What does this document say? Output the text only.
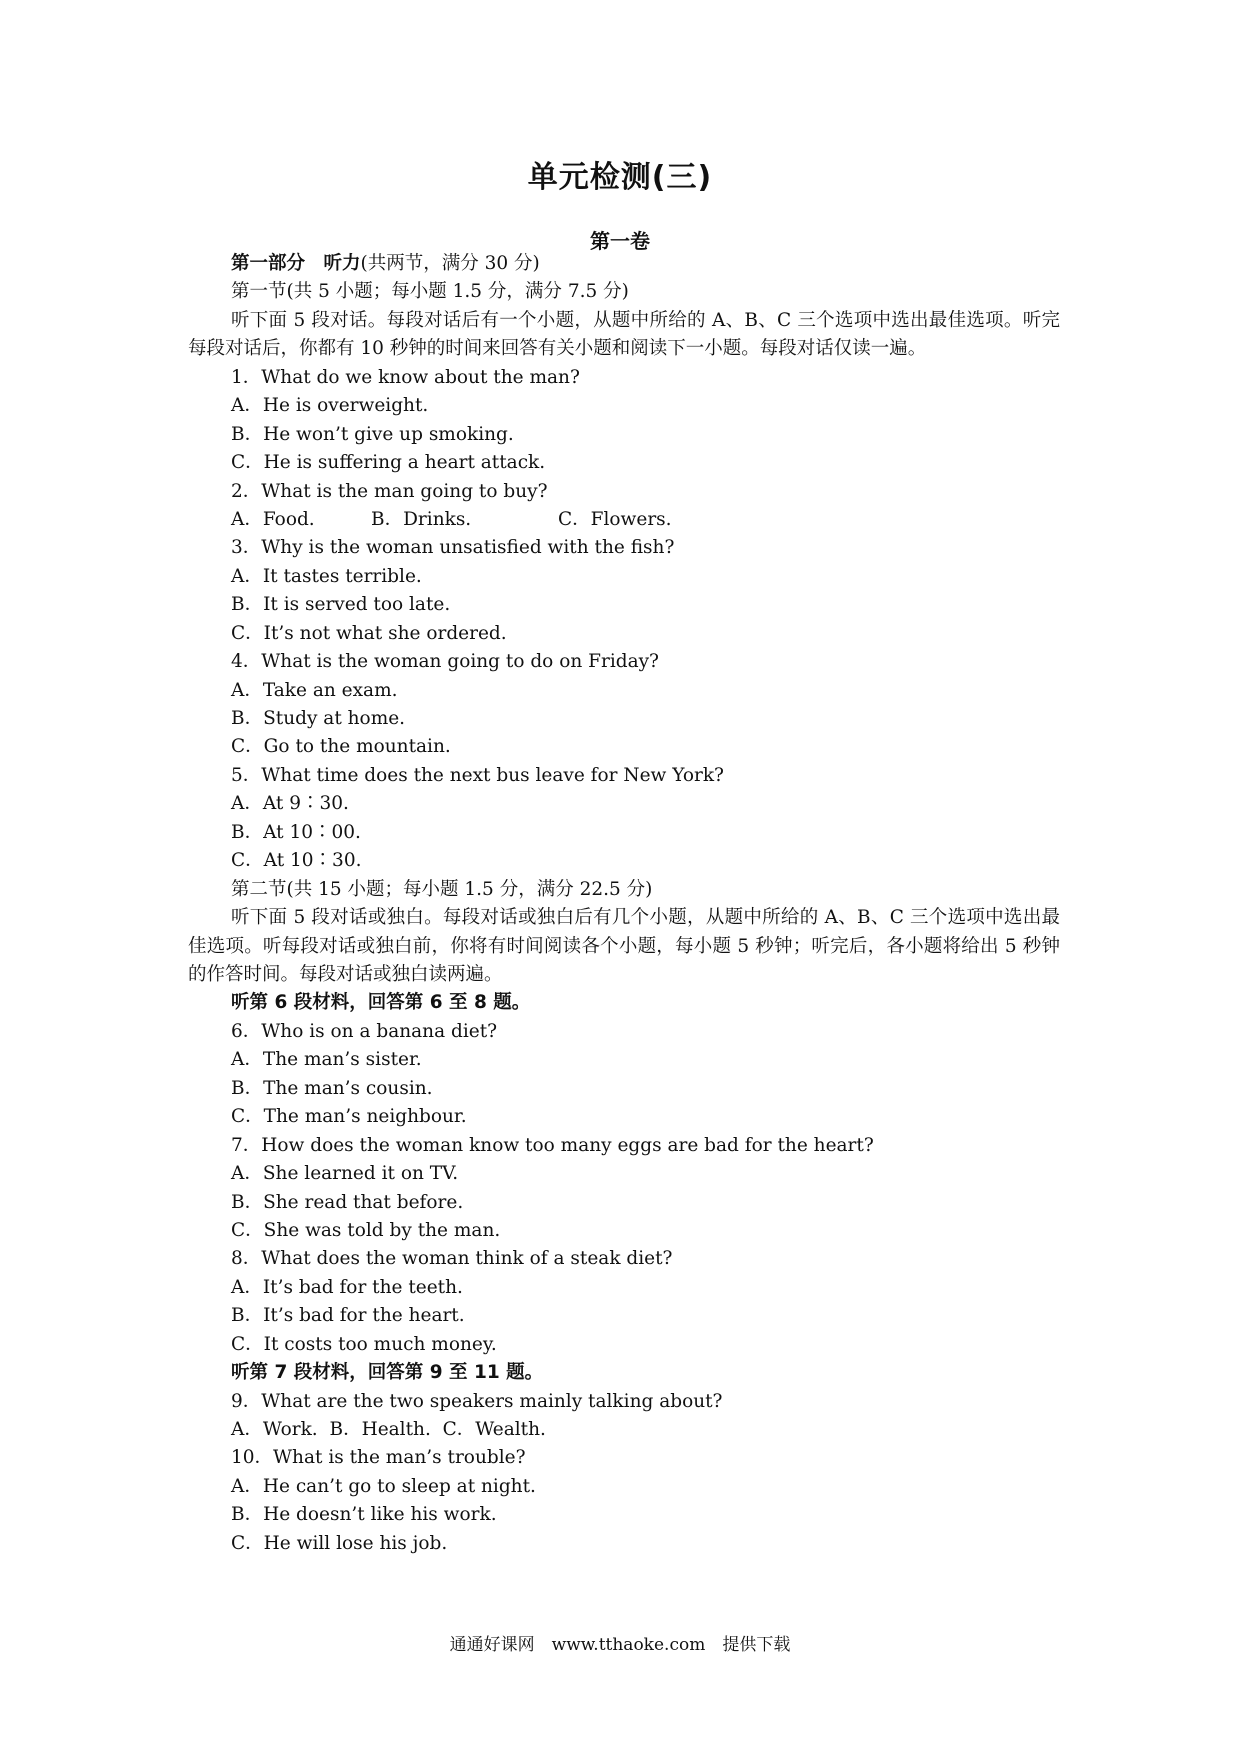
单元检测(三)
第一卷
第一部分　听力(共两节，满分 30 分)
第一节(共 5 小题；每小题 1.5 分，满分 7.5 分)
听下面 5 段对话。每段对话后有一个小题，从题中所给的 A、B、C 三个选项中选出最佳选项。听完每段对话后，你都有 10 秒钟的时间来回答有关小题和阅读下一小题。每段对话仅读一遍。
1．What do we know about the man?
A．He is overweight.
B．He won’t give up smoking.
C．He is suffering a heart attack.
2．What is the man going to buy?
A．Food.	B．Drinks.	C．Flowers.
3．Why is the woman unsatisfied with the fish?
A．It tastes terrible.
B．It is served too late.
C．It’s not what she ordered.
4．What is the woman going to do on Friday?
A．Take an exam.
B．Study at home.
C．Go to the mountain.
5．What time does the next bus leave for New York?
A．At 9∶30.
B．At 10∶00.
C．At 10∶30.
第二节(共 15 小题；每小题 1.5 分，满分 22.5 分)
听下面 5 段对话或独白。每段对话或独白后有几个小题，从题中所给的 A、B、C 三个选项中选出最佳选项。听每段对话或独白前，你将有时间阅读各个小题，每小题 5 秒钟；听完后，各小题将给出 5 秒钟的作答时间。每段对话或独白读两遍。
听第 6 段材料，回答第 6 至 8 题。
6．Who is on a banana diet?
A．The man’s sister.
B．The man’s cousin.
C．The man’s neighbour.
7．How does the woman know too many eggs are bad for the heart?
A．She learned it on TV.
B．She read that before.
C．She was told by the man.
8．What does the woman think of a steak diet?
A．It’s bad for the teeth.
B．It’s bad for the heart.
C．It costs too much money.
听第 7 段材料，回答第 9 至 11 题。
9．What are the two speakers mainly talking about?
A．Work. B．Health. C．Wealth.
10．What is the man’s trouble?
A．He can’t go to sleep at night.
B．He doesn’t like his work.
C．He will lose his job.
通通好课网　www.tthaoke.com　提供下载
